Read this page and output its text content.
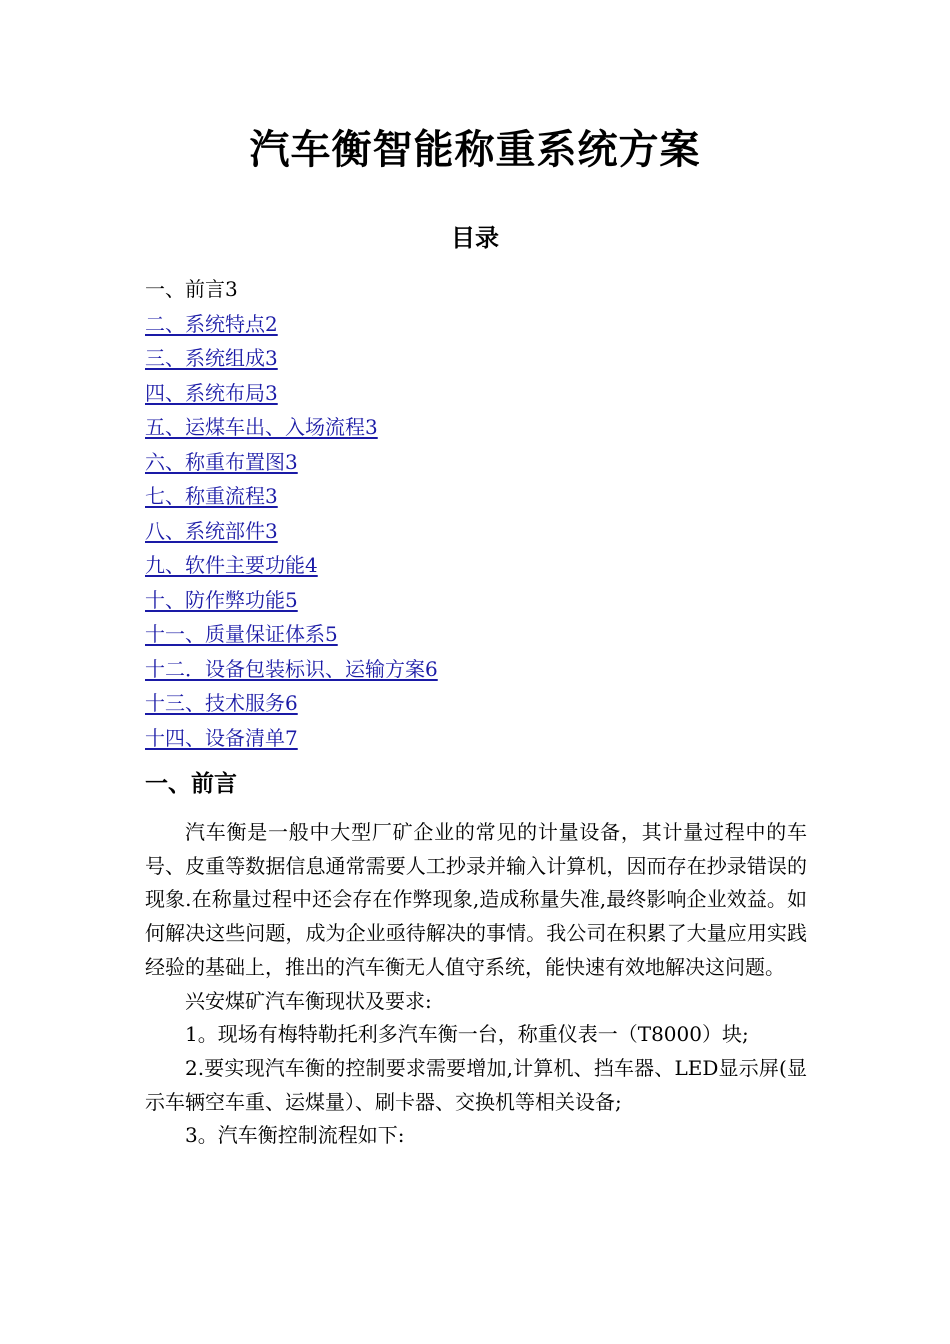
汽车衡智能称重系统方案
目录
一、前言3
二、系统特点2
三、系统组成3
四、系统布局3
五、运煤车出、入场流程3
六、称重布置图3
七、称重流程3
八、系统部件3
九、软件主要功能4
十、防作弊功能5
十一、质量保证体系5
十二．设备包装标识、运输方案6
十三、技术服务6
十四、设备清单7
一、前言

汽车衡是一般中大型厂矿企业的常见的计量设备，其计量过程中的车号、皮重等数据信息通常需要人工抄录并输入计算机，因而存在抄录错误的现象.在称量过程中还会存在作弊现象,造成称量失准,最终影响企业效益。如何解决这些问题，成为企业亟待解决的事情。我公司在积累了大量应用实践经验的基础上，推出的汽车衡无人值守系统，能快速有效地解决这问题。

兴安煤矿汽车衡现状及要求:

1。现场有梅特勒托利多汽车衡一台，称重仪表一（T8000）块;

2.要实现汽车衡的控制要求需要增加,计算机、挡车器、LED显示屏(显示车辆空车重、运煤量）、刷卡器、交换机等相关设备;

3。汽车衡控制流程如下:
